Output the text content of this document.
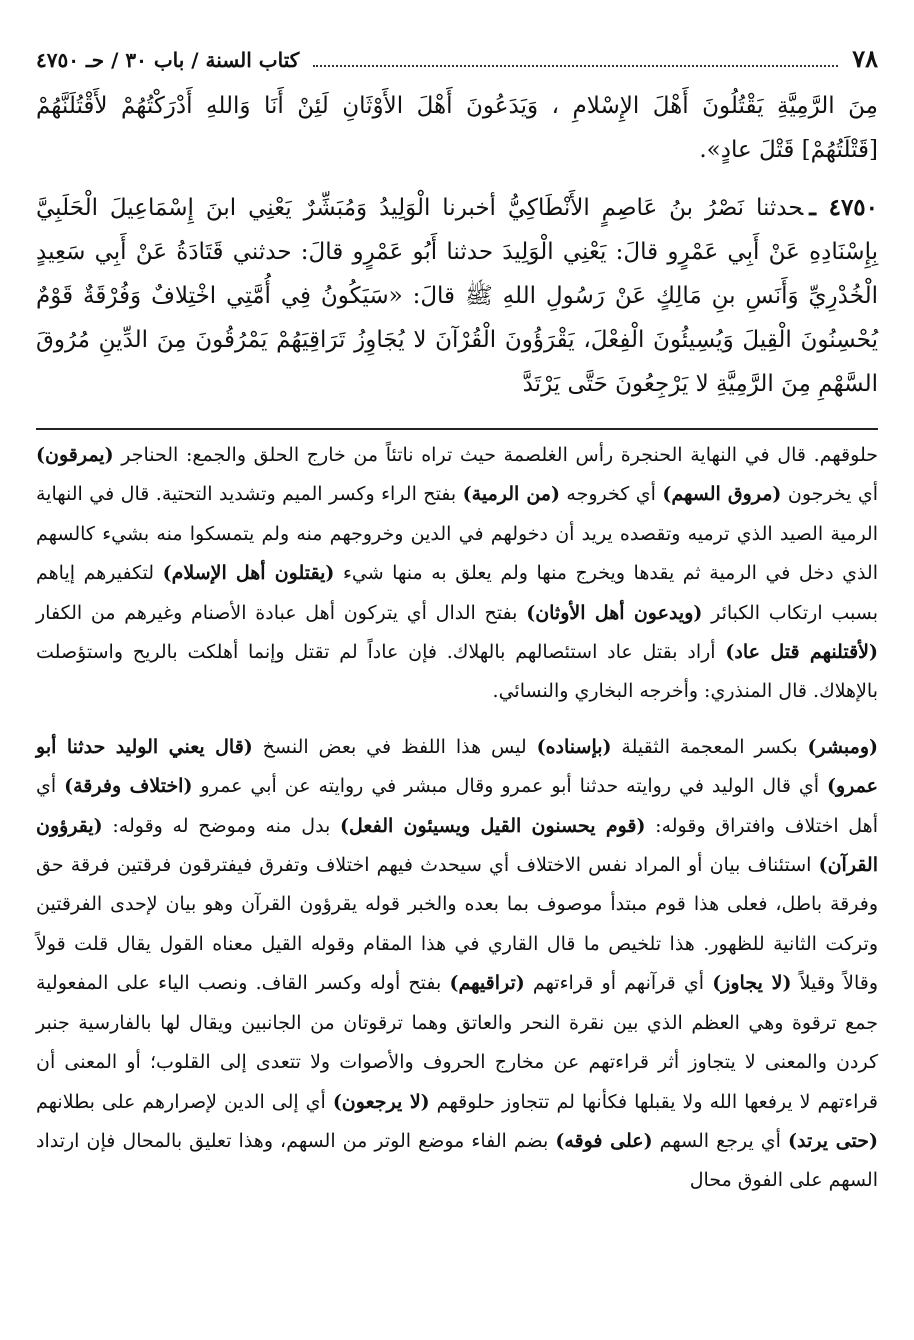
٧٨
كتاب السنة / باب ٣٠ / حـ ٤٧٥٠

مِنَ الرَّمِيَّةِ يَقْتُلُونَ أَهْلَ الإِسْلامِ ، وَيَدَعُونَ أَهْلَ الأَوْثَانِ لَئِنْ أَنَا وَاللهِ أَدْرَكْتُهُمْ لأَقْتُلَنَّهُمْ [قَتْلَتُهُمْ] قَتْلَ عادٍ».

٤٧٥٠ ـحدثنا نَصْرُ بنُ عَاصِمٍ الأَنْطَاكِيُّ أخبرنا الْوَلِيدُ وَمُبَشِّرٌ يَعْنِي ابنَ إِسْمَاعِيلَ الْحَلَبِيَّ بِإِسْنَادِهِ عَنْ أَبِي عَمْرٍو قالَ: يَعْنِي الْوَلِيدَ حدثنا أَبُو عَمْرٍو قالَ: حدثني قَتَادَةُ عَنْ أَبِي سَعِيدٍ الْخُدْرِيِّ وَأَنَسِ بنِ مَالِكٍ عَنْ رَسُولِ اللهِ ﷺ قالَ: «سَيَكُونُ فِي أُمَّتِي اخْتِلافٌ وَفُرْقَةٌ قَوْمٌ يُحْسِنُونَ الْقِيلَ وَيُسِيئُونَ الْفِعْلَ، يَقْرَؤُونَ الْقُرْآنَ لا يُجَاوِزُ تَرَاقِيَهُمْ يَمْرُقُونَ مِنَ الدِّينِ مُرُوقَ السَّهْمِ مِنَ الرَّمِيَّةِ لا يَرْجِعُونَ حَتَّى يَرْتَدَّ

حلوقهم. قال في النهاية الحنجرة رأس الغلصمة حيث تراه ناتئاً من خارج الحلق والجمع: الحناجر (يمرقون) أي يخرجون (مروق السهم) أي كخروجه (من الرمية) بفتح الراء وكسر الميم وتشديد التحتية. قال في النهاية الرمية الصيد الذي ترميه وتقصده يريد أن دخولهم في الدين وخروجهم منه ولم يتمسكوا منه بشيء كالسهم الذي دخل في الرمية ثم يقدها ويخرج منها ولم يعلق به منها شيء (يقتلون أهل الإسلام) لتكفيرهم إياهم بسبب ارتكاب الكبائر (ويدعون أهل الأوثان) بفتح الدال أي يتركون أهل عبادة الأصنام وغيرهم من الكفار (لأقتلنهم قتل عاد) أراد بقتل عاد استئصالهم بالهلاك. فإن عاداً لم تقتل وإنما أهلكت بالريح واستؤصلت بالإهلاك. قال المنذري: وأخرجه البخاري والنسائي.

(ومبشر) بكسر المعجمة الثقيلة (بإسناده) ليس هذا اللفظ في بعض النسخ (قال يعني الوليد حدثنا أبو عمرو) أي قال الوليد في روايته حدثنا أبو عمرو وقال مبشر في روايته عن أبي عمرو (اختلاف وفرقة) أي أهل اختلاف وافتراق وقوله: (قوم يحسنون القيل ويسيئون الفعل) بدل منه وموضح له وقوله: (يقرؤون القرآن) استئناف بيان أو المراد نفس الاختلاف أي سيحدث فيهم اختلاف وتفرق فيفترقون فرقتين فرقة حق وفرقة باطل، فعلى هذا قوم مبتدأ موصوف بما بعده والخبر قوله يقرؤون القرآن وهو بيان لإحدى الفرقتين وتركت الثانية للظهور. هذا تلخيص ما قال القاري في هذا المقام وقوله القيل معناه القول يقال قلت قولاً وقالاً وقيلاً (لا يجاوز) أي قرآنهم أو قراءتهم (تراقيهم) بفتح أوله وكسر القاف. ونصب الياء على المفعولية جمع ترقوة وهي العظم الذي بين نقرة النحر والعاتق وهما ترقوتان من الجانبين ويقال لها بالفارسية جنبر كردن والمعنى لا يتجاوز أثر قراءتهم عن مخارج الحروف والأصوات ولا تتعدى إلى القلوب؛ أو المعنى أن قراءتهم لا يرفعها الله ولا يقبلها فكأنها لم تتجاوز حلوقهم (لا يرجعون) أي إلى الدين لإصرارهم على بطلانهم (حتى يرتد) أي يرجع السهم (على فوقه) بضم الفاء موضع الوتر من السهم، وهذا تعليق بالمحال فإن ارتداد السهم على الفوق محال
